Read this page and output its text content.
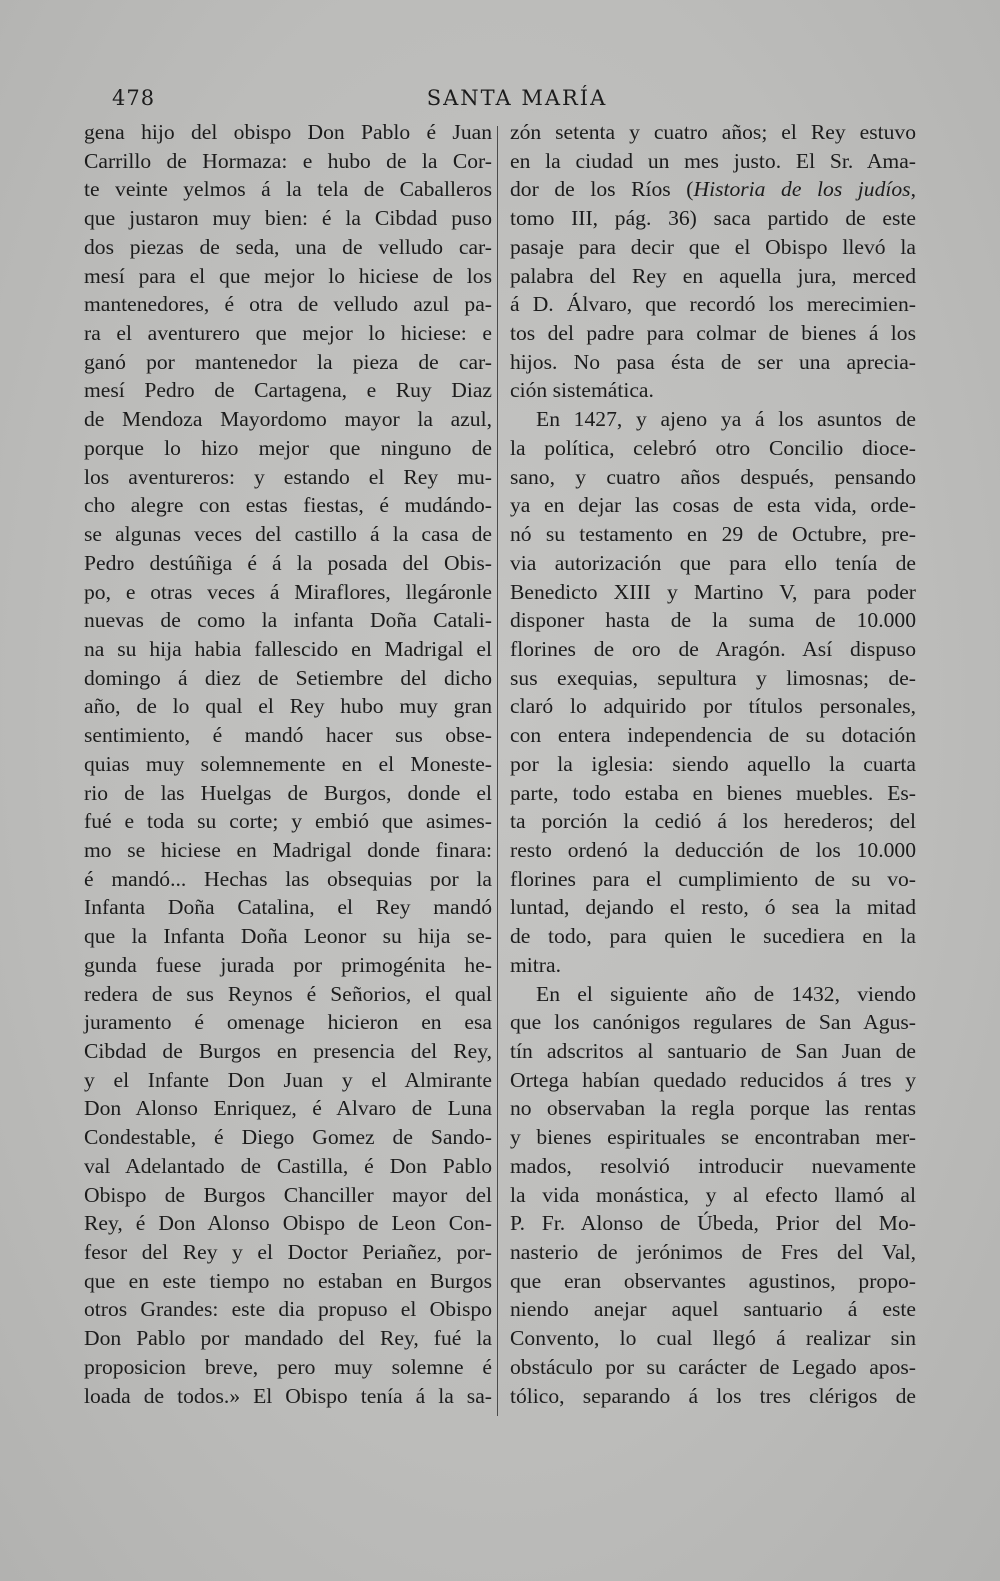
478	SANTA MARÍA
gena hijo del obispo Don Pablo é Juan
Carrillo de Hormaza: e hubo de la Cor-
te veinte yelmos á la tela de Caballeros
que justaron muy bien: é la Cibdad puso
dos piezas de seda, una de velludo car-
mesí para el que mejor lo hiciese de los
mantenedores, é otra de velludo azul pa-
ra el aventurero que mejor lo hiciese: e
ganó por mantenedor la pieza de car-
mesí Pedro de Cartagena, e Ruy Diaz
de Mendoza Mayordomo mayor la azul,
porque lo hizo mejor que ninguno de
los aventureros: y estando el Rey mu-
cho alegre con estas fiestas, é mudándo-
se algunas veces del castillo á la casa de
Pedro destúñiga é á la posada del Obis-
po, e otras veces á Miraflores, llegáronle
nuevas de como la infanta Doña Catali-
na su hija habia fallescido en Madrigal el
domingo á diez de Setiembre del dicho
año, de lo qual el Rey hubo muy gran
sentimiento, é mandó hacer sus obse-
quias muy solemnemente en el Moneste-
rio de las Huelgas de Burgos, donde el
fué e toda su corte; y embió que asimes-
mo se hiciese en Madrigal donde finara:
é mandó... Hechas las obsequias por la
Infanta Doña Catalina, el Rey mandó
que la Infanta Doña Leonor su hija se-
gunda fuese jurada por primogénita he-
redera de sus Reynos é Señorios, el qual
juramento é omenage hicieron en esa
Cibdad de Burgos en presencia del Rey,
y el Infante Don Juan y el Almirante
Don Alonso Enriquez, é Alvaro de Luna
Condestable, é Diego Gomez de Sando-
val Adelantado de Castilla, é Don Pablo
Obispo de Burgos Chanciller mayor del
Rey, é Don Alonso Obispo de Leon Con-
fesor del Rey y el Doctor Periañez, por-
que en este tiempo no estaban en Burgos
otros Grandes: este dia propuso el Obispo
Don Pablo por mandado del Rey, fué la
proposicion breve, pero muy solemne é
loada de todos.» El Obispo tenía á la sa-
zón setenta y cuatro años; el Rey estuvo
en la ciudad un mes justo. El Sr. Ama-
dor de los Ríos (Historia de los judíos,
tomo III, pág. 36) saca partido de este
pasaje para decir que el Obispo llevó la
palabra del Rey en aquella jura, merced
á D. Álvaro, que recordó los merecimien-
tos del padre para colmar de bienes á los
hijos. No pasa ésta de ser una aprecia-
ción sistemática.
En 1427, y ajeno ya á los asuntos de
la política, celebró otro Concilio dioce-
sano, y cuatro años después, pensando
ya en dejar las cosas de esta vida, orde-
nó su testamento en 29 de Octubre, pre-
via autorización que para ello tenía de
Benedicto XIII y Martino V, para poder
disponer hasta de la suma de 10.000
florines de oro de Aragón. Así dispuso
sus exequias, sepultura y limosnas; de-
claró lo adquirido por títulos personales,
con entera independencia de su dotación
por la iglesia: siendo aquello la cuarta
parte, todo estaba en bienes muebles. Es-
ta porción la cedió á los herederos; del
resto ordenó la deducción de los 10.000
florines para el cumplimiento de su vo-
luntad, dejando el resto, ó sea la mitad
de todo, para quien le sucediera en la
mitra.
En el siguiente año de 1432, viendo
que los canónigos regulares de San Agus-
tín adscritos al santuario de San Juan de
Ortega habían quedado reducidos á tres y
no observaban la regla porque las rentas
y bienes espirituales se encontraban mer-
mados, resolvió introducir nuevamente
la vida monástica, y al efecto llamó al
P. Fr. Alonso de Úbeda, Prior del Mo-
nasterio de jerónimos de Fres del Val,
que eran observantes agustinos, propo-
niendo anejar aquel santuario á este
Convento, lo cual llegó á realizar sin
obstáculo por su carácter de Legado apos-
tólico, separando á los tres clérigos de
